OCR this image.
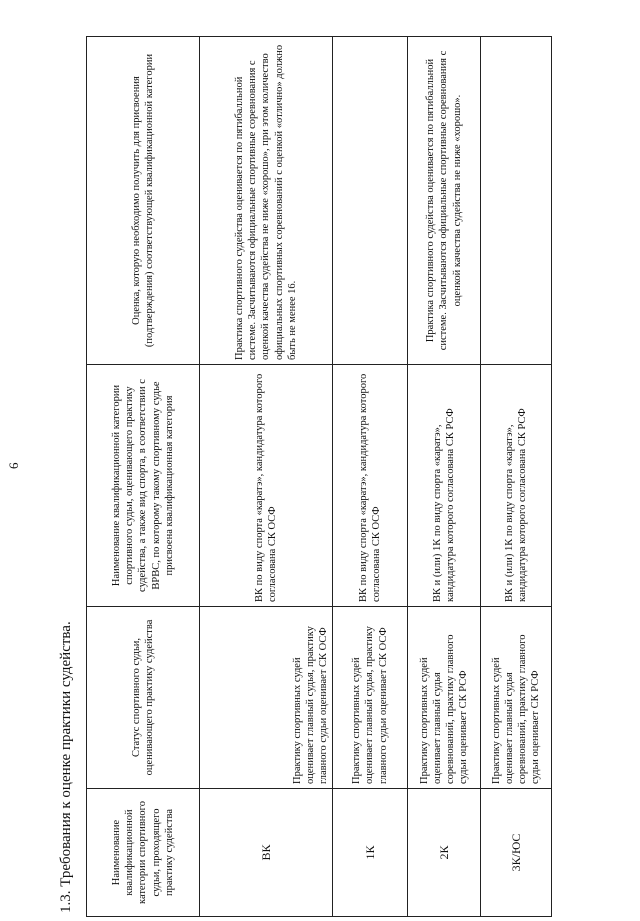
6
1.3. Требования к оценке практики судейства.	Наименование квалификационной категории спортивного судьи, проходящего практику судейства	Статус спортивного судьи, оценивающего практику судейства	Наименование квалификационной категории спортивного судьи, оценивающего практику судейства, а также вид спорта, в соответствии с ВРВС, по которому такому спортивному судье присвоена квалификационная категория	Оценка, которую необходимо получить для присвоения (подтверждения) соответствующей квалификационной категории
ВК	Практику спортивных судей оценивает главный судья, практику главного судьи оценивает СК ОСФ	ВК по виду спорта «каратэ», кандидатура которого согласована СК ОСФ	Практика спортивного судейства оценивается по пятибалльной системе. Засчитываются официальные спортивные соревнования с оценкой качества судейства не ниже «хорошо», при этом количество официальных спортивных соревнований с оценкой «отлично» должно быть не менее 16.
1К	Практику спортивных судей оценивает главный судья, практику главного судьи оценивает СК ОСФ	ВК по виду спорта «каратэ», кандидатура которого согласована СК ОСФ	
2К	Практику спортивных судей оценивает главный судья соревнований, практику главного судьи оценивает СК РСФ	ВК и (или) 1К по виду спорта «каратэ», кандидатура которого согласована СК РСФ	Практика спортивного судейства оценивается по пятибалльной системе. Засчитываются официальные спортивные соревнования с оценкой качества судейства не ниже «хорошо».
3К/ЮС	Практику спортивных судей оценивает главный судья соревнований, практику главного судьи оценивает СК РСФ	ВК и (или) 1К по виду спорта «каратэ», кандидатура которого согласована СК РСФ	
